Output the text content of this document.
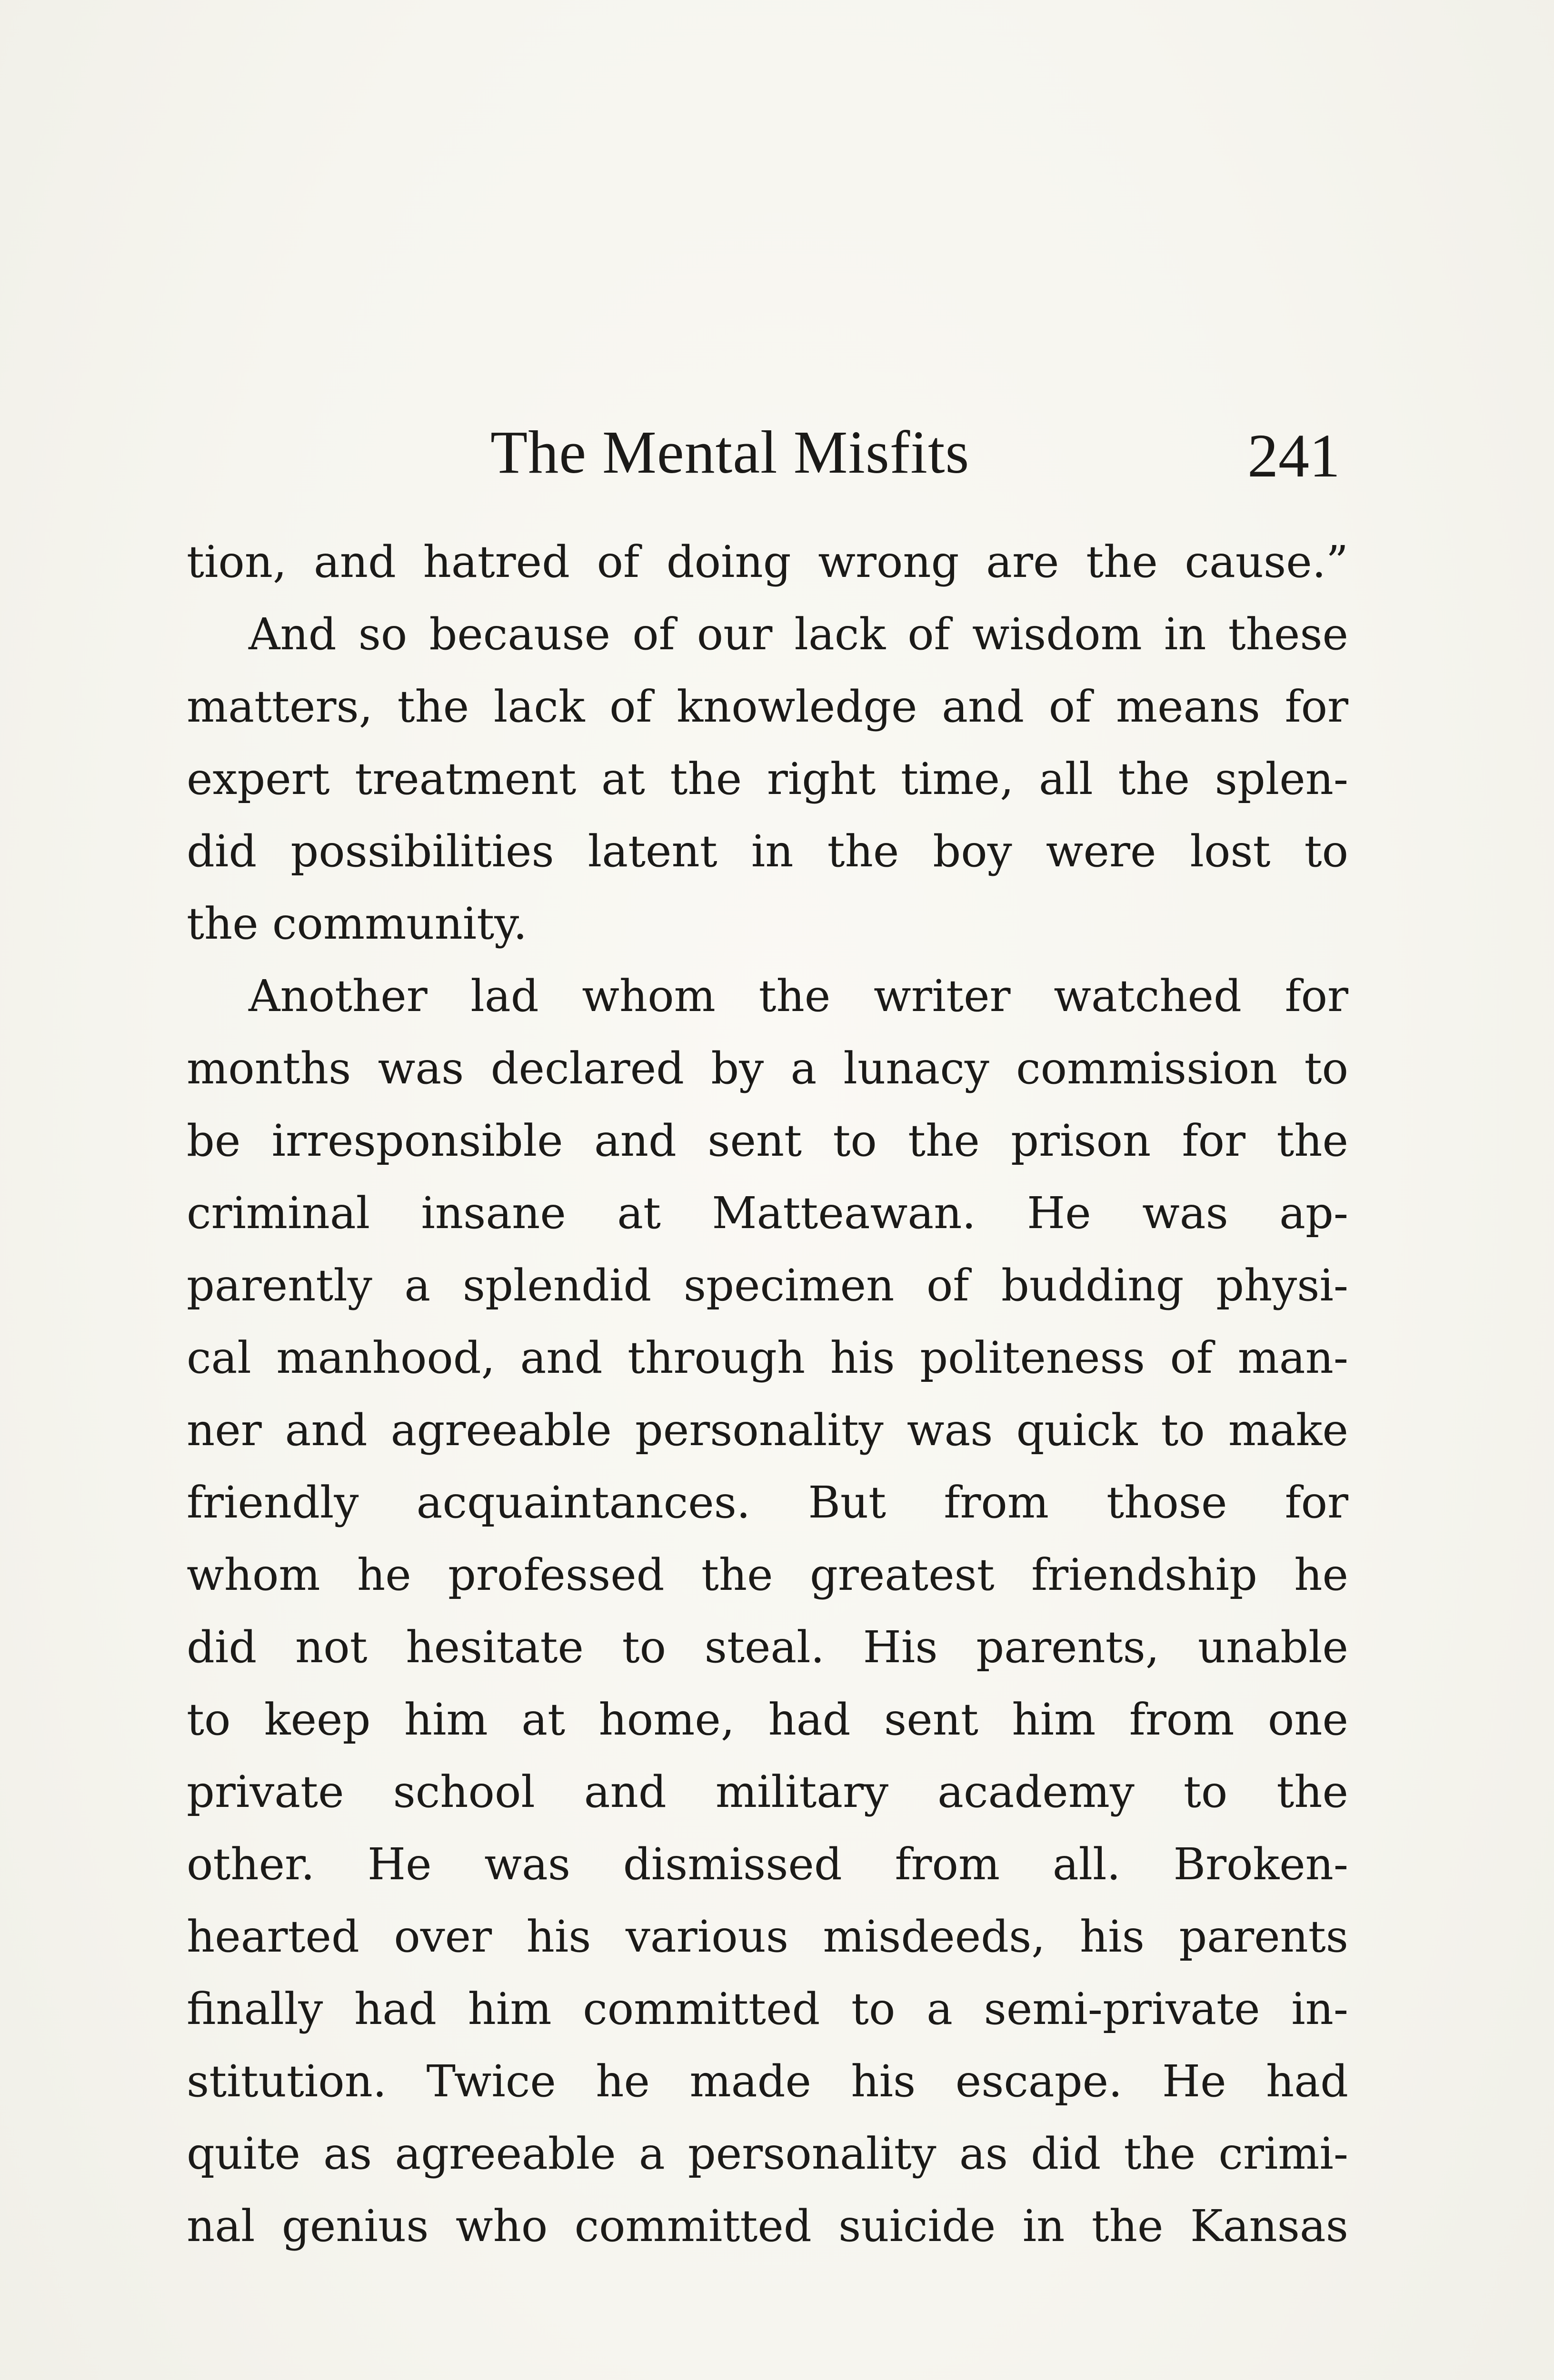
The Mental Misfits	241
tion, and hatred of doing wrong are the cause.”
And so because of our lack of wisdom in these
matters, the lack of knowledge and of means for
expert treatment at the right time, all the splen-
did possibilities latent in the boy were lost to
the community.
Another lad whom the writer watched for
months was declared by a lunacy commission to
be irresponsible and sent to the prison for the
criminal insane at Matteawan. He was ap-
parently a splendid specimen of budding physi-
cal manhood, and through his politeness of man-
ner and agreeable personality was quick to make
friendly acquaintances. But from those for
whom he professed the greatest friendship he
did not hesitate to steal. His parents, unable
to keep him at home, had sent him from one
private school and military academy to the
other. He was dismissed from all. Broken-
hearted over his various misdeeds, his parents
finally had him committed to a semi-private in-
stitution. Twice he made his escape. He had
quite as agreeable a personality as did the crimi-
nal genius who committed suicide in the Kansas
